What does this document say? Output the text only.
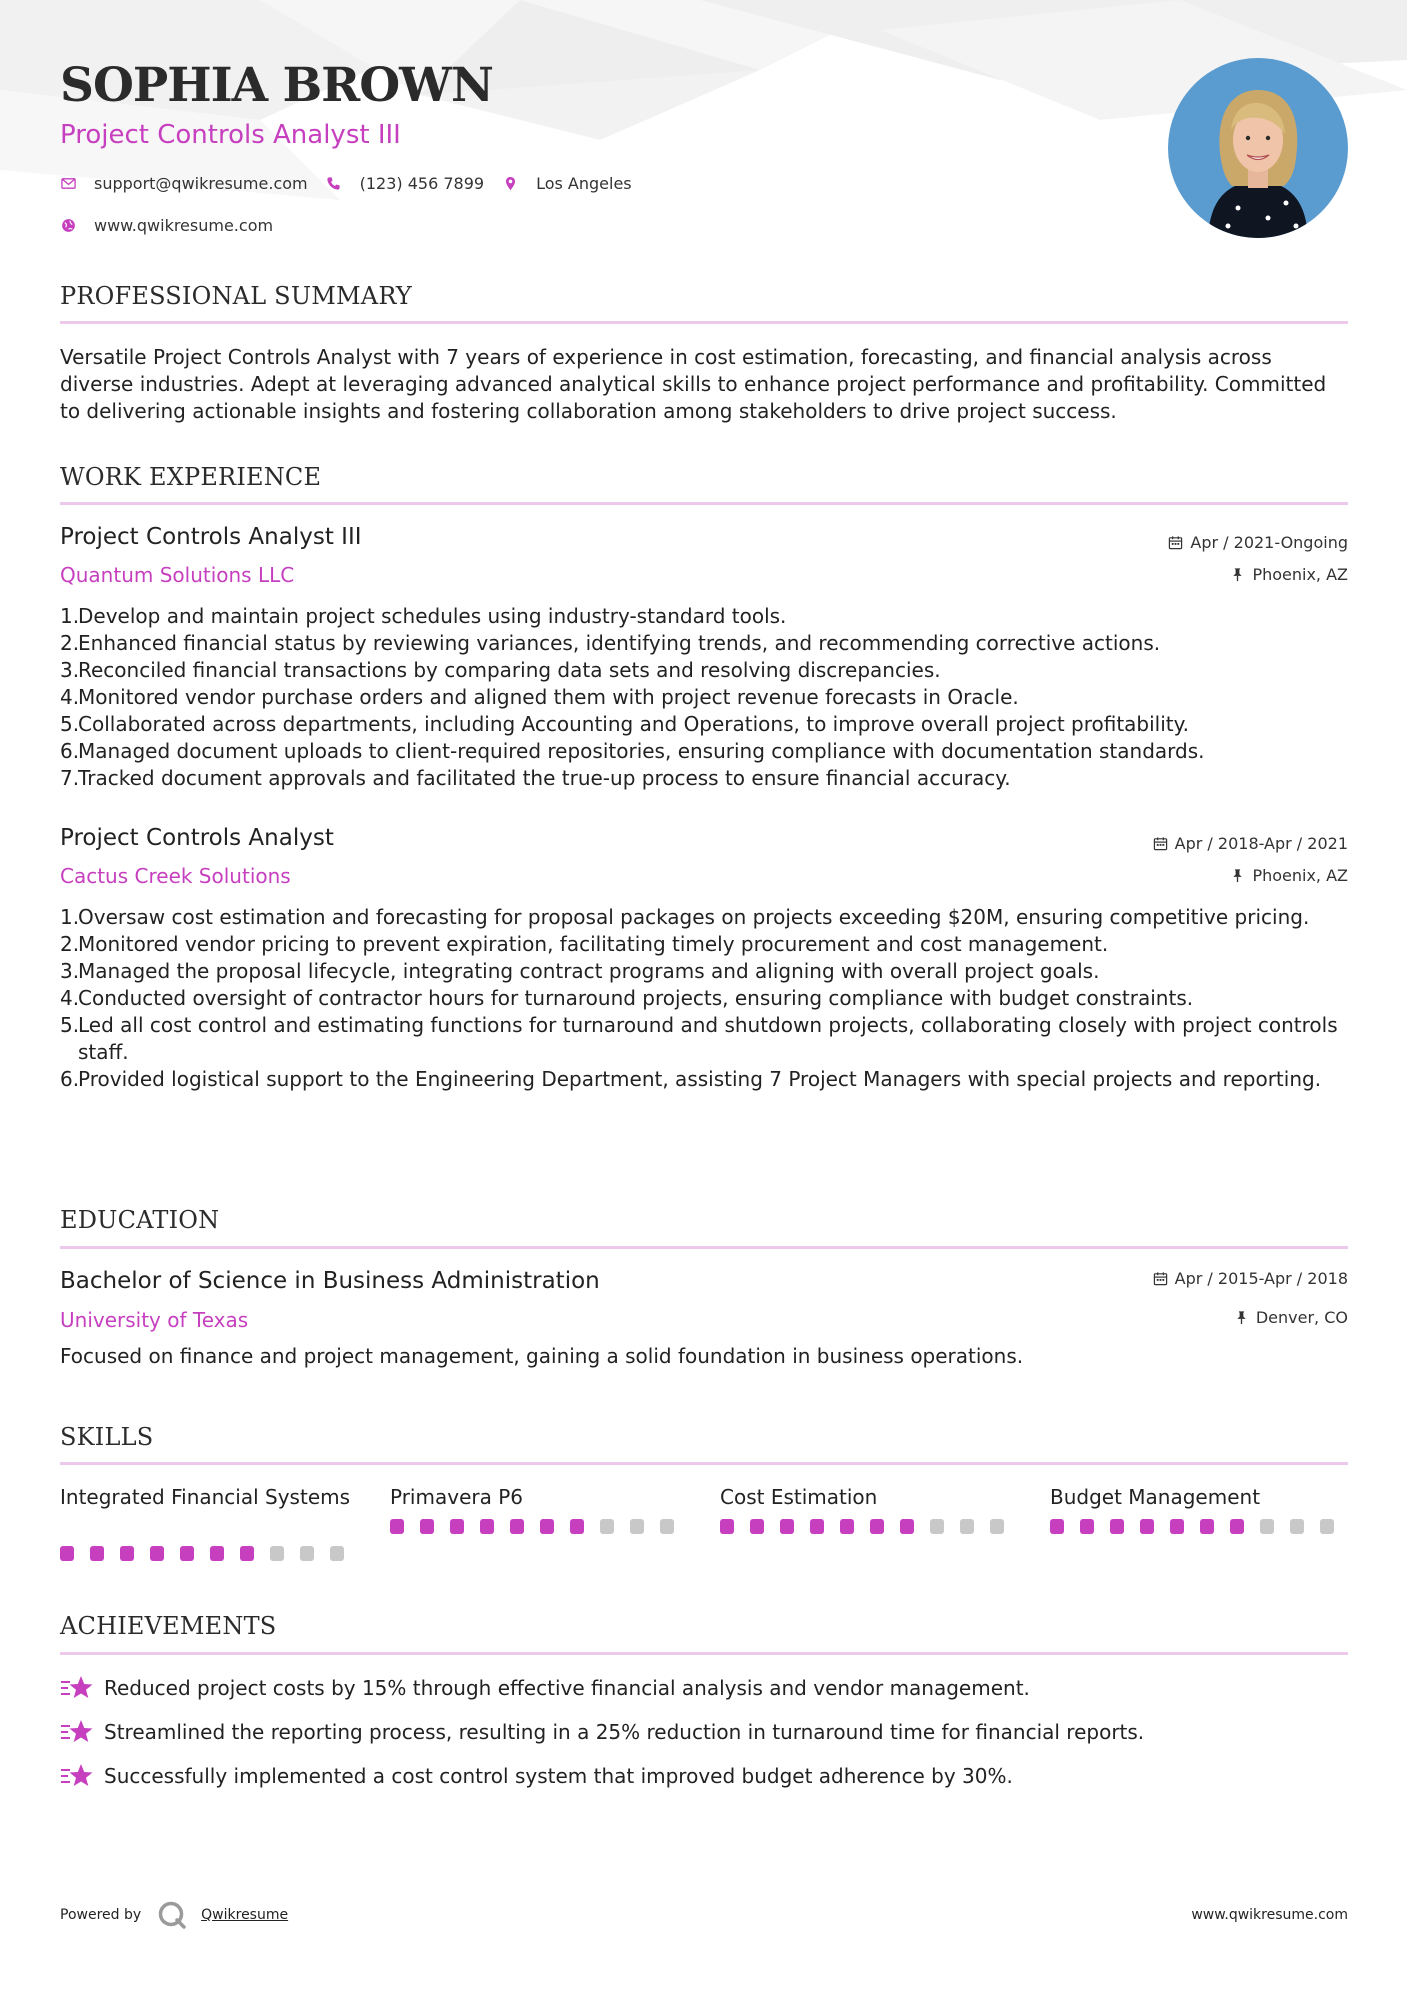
SOPHIA BROWN
Project Controls Analyst III
support@qwikresume.com	(123) 456 7899	Los Angeles
www.qwikresume.com
PROFESSIONAL SUMMARY
Versatile Project Controls Analyst with 7 years of experience in cost estimation, forecasting, and financial analysis across diverse industries. Adept at leveraging advanced analytical skills to enhance project performance and profitability. Committed to delivering actionable insights and fostering collaboration among stakeholders to drive project success.
WORK EXPERIENCE
Project Controls Analyst III
Quantum Solutions LLC
Apr / 2021-Ongoing
Phoenix, AZ
1.
Develop and maintain project schedules using industry-standard tools.
2.
Enhanced financial status by reviewing variances, identifying trends, and recommending corrective actions.
3.
Reconciled financial transactions by comparing data sets and resolving discrepancies.
4.
Monitored vendor purchase orders and aligned them with project revenue forecasts in Oracle.
5.
Collaborated across departments, including Accounting and Operations, to improve overall project profitability.
6.
Managed document uploads to client-required repositories, ensuring compliance with documentation standards.
7.
Tracked document approvals and facilitated the true-up process to ensure financial accuracy.
Project Controls Analyst
Cactus Creek Solutions
Apr / 2018-Apr / 2021
Phoenix, AZ
1.
Oversaw cost estimation and forecasting for proposal packages on projects exceeding $20M, ensuring competitive pricing.
2.
Monitored vendor pricing to prevent expiration, facilitating timely procurement and cost management.
3.
Managed the proposal lifecycle, integrating contract programs and aligning with overall project goals.
4.
Conducted oversight of contractor hours for turnaround projects, ensuring compliance with budget constraints.
5.
Led all cost control and estimating functions for turnaround and shutdown projects, collaborating closely with project controls staff.
6.
Provided logistical support to the Engineering Department, assisting 7 Project Managers with special projects and reporting.
EDUCATION
Bachelor of Science in Business Administration
University of Texas
Apr / 2015-Apr / 2018
Denver, CO
Focused on finance and project management, gaining a solid foundation in business operations.
SKILLS
Integrated Financial Systems	Primavera P6	Cost Estimation	Budget Management
ACHIEVEMENTS
Reduced project costs by 15% through effective financial analysis and vendor management.
Streamlined the reporting process, resulting in a 25% reduction in turnaround time for financial reports.
Successfully implemented a cost control system that improved budget adherence by 30%.
Powered by	Qwikresume	www.qwikresume.com
